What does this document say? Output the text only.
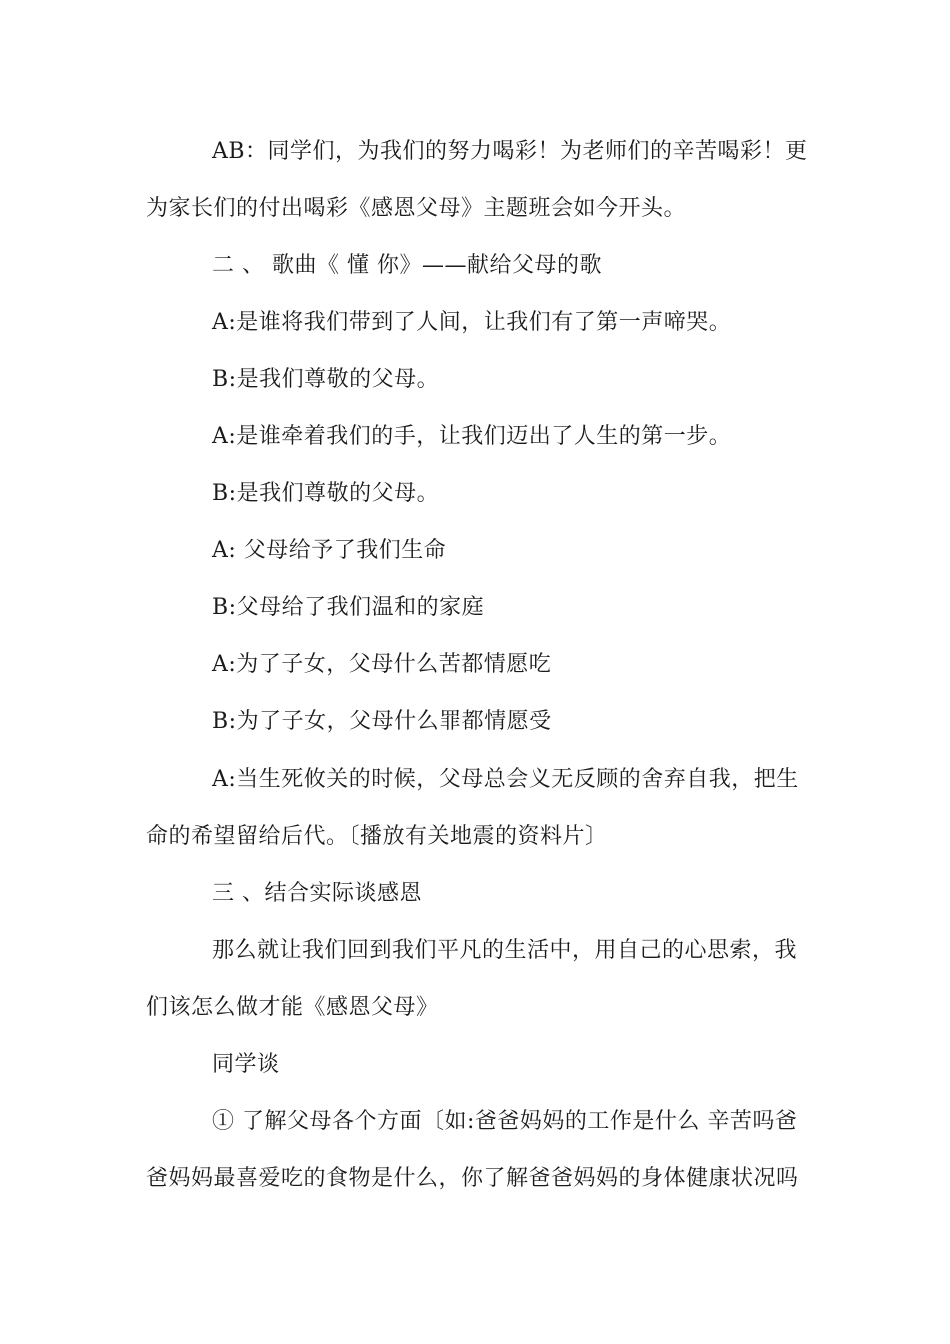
AB：同学们，为我们的努力喝彩！为老师们的辛苦喝彩！更
为家长们的付出喝彩《感恩父母》主题班会如今开头。
二 、 歌曲《 懂 你》——献给父母的歌
A:是谁将我们带到了人间，让我们有了第一声啼哭。
B:是我们尊敬的父母。
A:是谁牵着我们的手，让我们迈出了人生的第一步。
B:是我们尊敬的父母。
A: 父母给予了我们生命
B:父母给了我们温和的家庭
A:为了子女，父母什么苦都情愿吃
B:为了子女，父母什么罪都情愿受
A:当生死攸关的时候，父母总会义无反顾的舍弃自我，把生
命的希望留给后代。〔播放有关地震的资料片〕
三 、结合实际谈感恩
那么就让我们回到我们平凡的生活中，用自己的心思索，我
们该怎么做才能《感恩父母》
同学谈
① 了解父母各个方面〔如:爸爸妈妈的工作是什么 辛苦吗爸
爸妈妈最喜爱吃的食物是什么，你了解爸爸妈妈的身体健康状况吗
